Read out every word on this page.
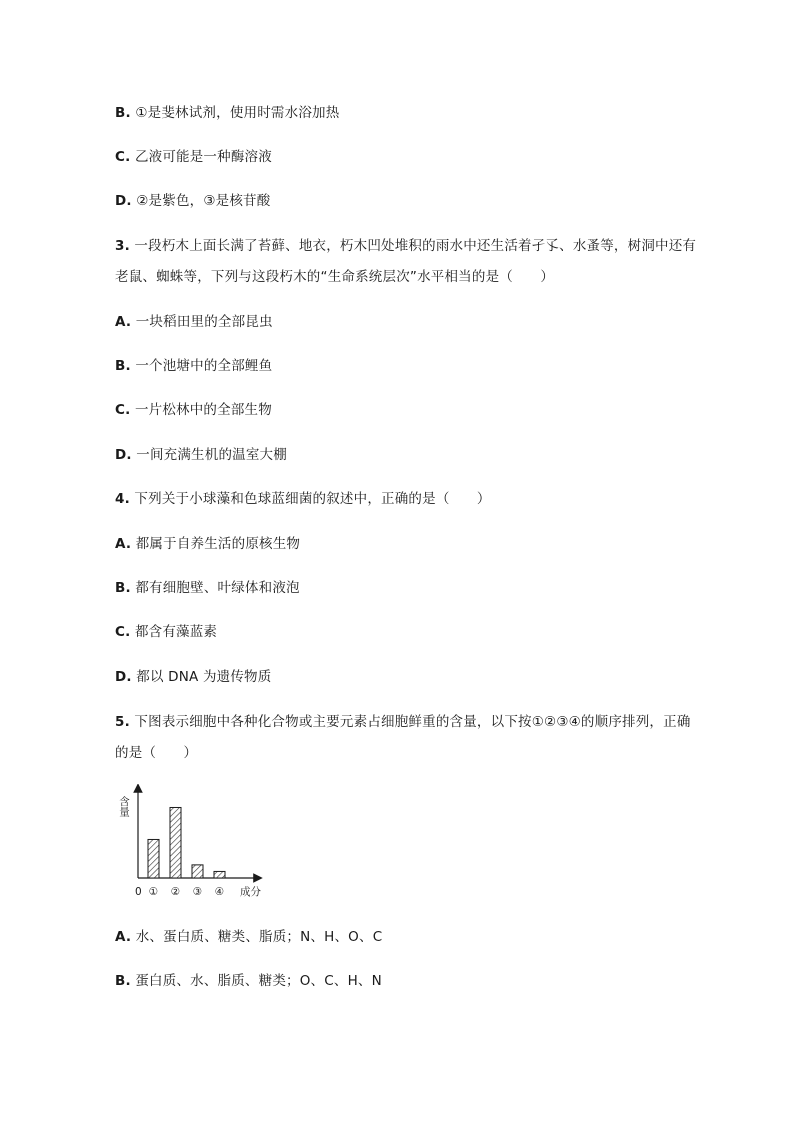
B. ①是斐林试剂，使用时需水浴加热
C. 乙液可能是一种酶溶液
D. ②是紫色，③是核苷酸
3. 一段朽木上面长满了苔藓、地衣，朽木凹处堆积的雨水中还生活着孑孓、水蚤等，树洞中还有
老鼠、蜘蛛等，下列与这段朽木的“生命系统层次”水平相当的是（　　）
A. 一块稻田里的全部昆虫
B. 一个池塘中的全部鲤鱼
C. 一片松林中的全部生物
D. 一间充满生机的温室大棚
4. 下列关于小球藻和色球蓝细菌的叙述中，正确的是（　　）
A. 都属于自养生活的原核生物
B. 都有细胞壁、叶绿体和液泡
C. 都含有藻蓝素
D. 都以 DNA 为遗传物质
5. 下图表示细胞中各种化合物或主要元素占细胞鲜重的含量，以下按①②③④的顺序排列，正确
的是（　　）
含量
0	成分
① ② ③ ④
A. 水、蛋白质、糖类、脂质；N、H、O、C
B. 蛋白质、水、脂质、糖类；O、C、H、N
